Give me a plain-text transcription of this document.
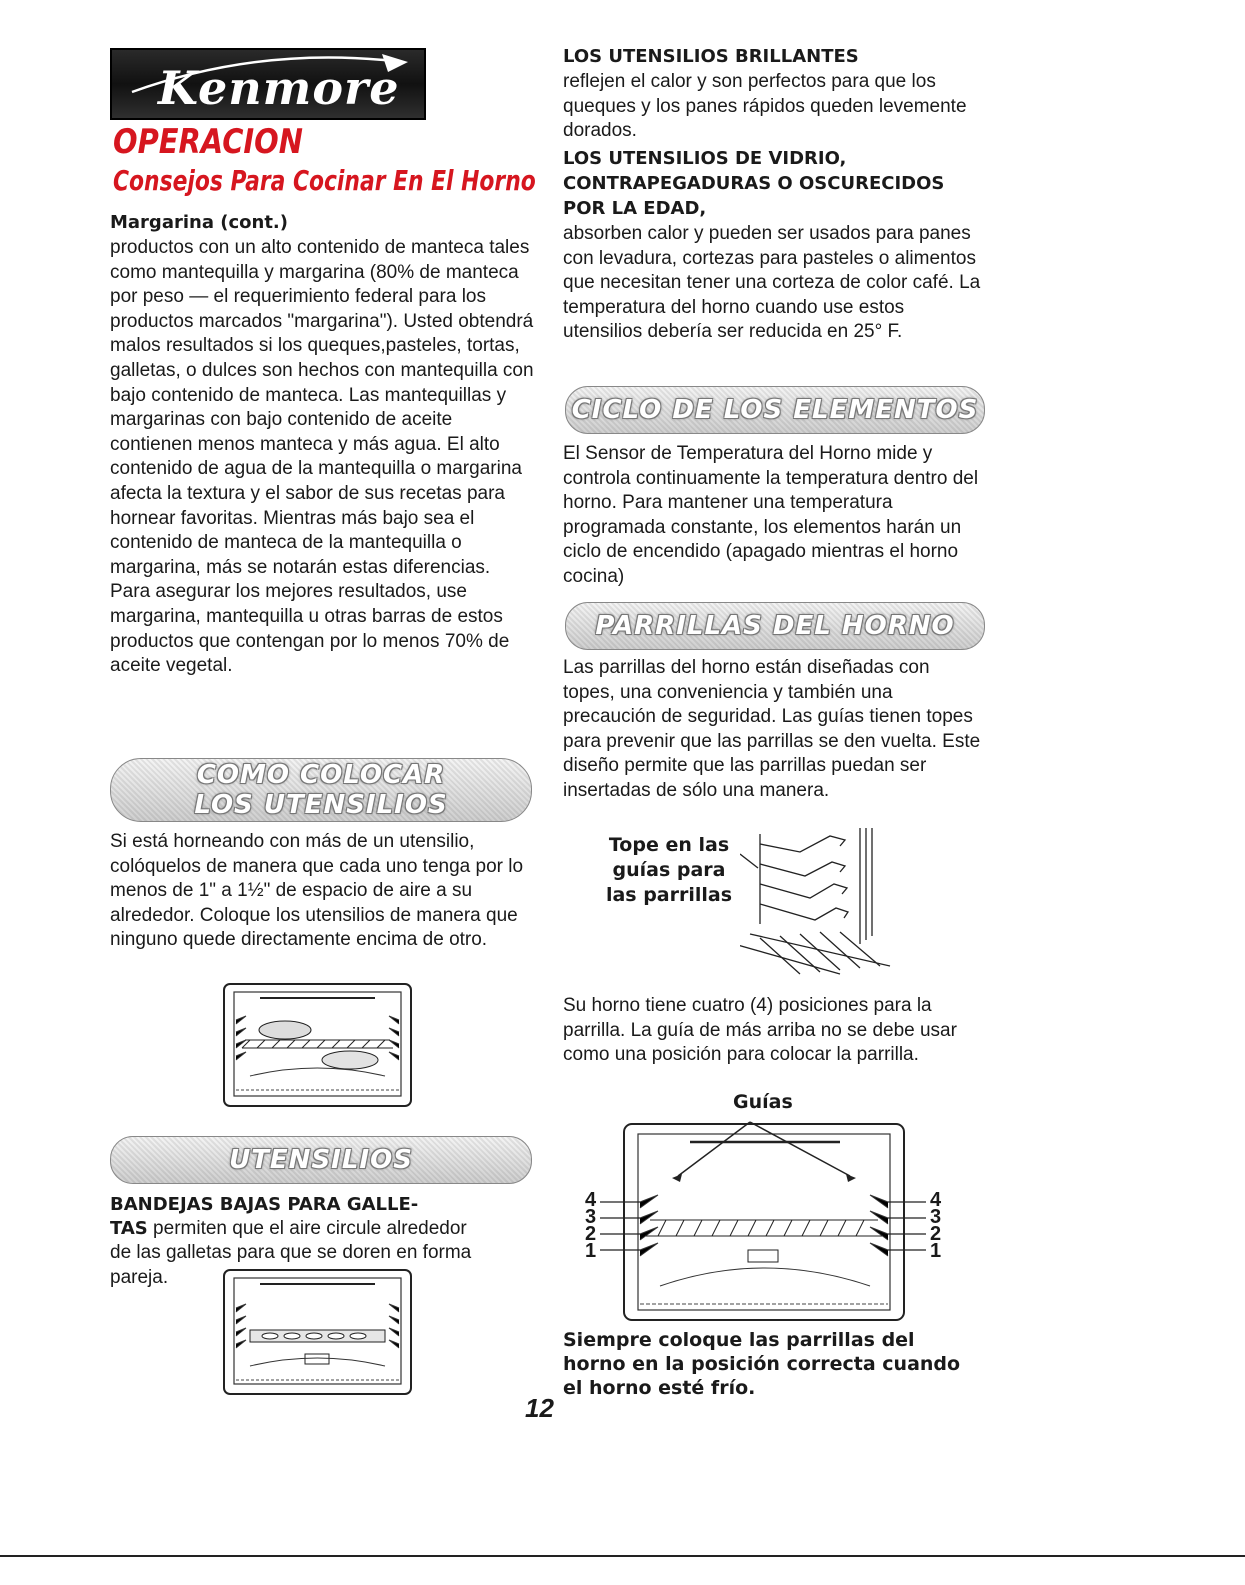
Kenmore
OPERACION
Consejos Para Cocinar En El Horno

Margarina (cont.)

productos con un alto contenido de manteca tales como mantequilla y margarina (80% de manteca por peso — el requerimiento federal para los productos marcados "margarina"). Usted obtendrá malos resultados si los queques,pasteles, tortas, galletas, o dulces son hechos con mantequilla con bajo contenido de manteca. Las mantequillas y margarinas con bajo contenido de aceite contienen menos manteca y más agua. El alto contenido de agua de la mantequilla o margarina afecta la textura y el sabor de sus recetas para hornear favoritas. Mientras más bajo sea el contenido de manteca de la mantequilla o margarina, más se notarán estas diferencias. Para asegurar los mejores resultados, use margarina, mantequilla u otras barras de estos productos que contengan por lo menos 70% de aceite vegetal.

COMO COLOCAR
LOS UTENSILIOS

Si está horneando con más de un utensilio, colóquelos de manera que cada uno tenga por lo menos de 1" a 1½" de espacio de aire a su alrededor. Coloque los utensilios de manera que ninguno quede directamente encima de otro.

UTENSILIOS

BANDEJAS BAJAS PARA GALLE-

TAS permiten que el aire circule alrededor

de las galletas para que se doren en forma pareja.

LOS UTENSILIOS BRILLANTES

reflejen el calor y son perfectos para que los queques y los panes rápidos queden levemente dorados.

LOS UTENSILIOS DE VIDRIO, CONTRAPEGADURAS O OSCURECIDOS POR LA EDAD,

absorben calor y pueden ser usados para panes con levadura, cortezas para pasteles o alimentos que necesitan tener una corteza de color café. La temperatura del horno cuando use estos utensilios debería ser reducida en 25° F.

CICLO DE LOS ELEMENTOS

El Sensor de Temperatura del Horno mide y controla continuamente la temperatura dentro del horno. Para mantener una temperatura programada constante, los elementos harán un ciclo de encendido (apagado mientras el horno cocina)

PARRILLAS DEL HORNO

Las parrillas del horno están diseñadas con topes, una conveniencia y también una precaución de seguridad. Las guías tienen topes para prevenir que las parrillas se den vuelta. Este diseño permite que las parrillas puedan ser insertadas de sólo una manera.

Tope en las
guías para
las parrillas

Su horno tiene cuatro (4) posiciones para la parrilla. La guía de más arriba no se debe usar como una posición para colocar la parrilla.

Guías

4
3
2
1
4
3
2
1

Siempre coloque las parrillas del horno en la posición correcta cuando el horno esté frío.

12
